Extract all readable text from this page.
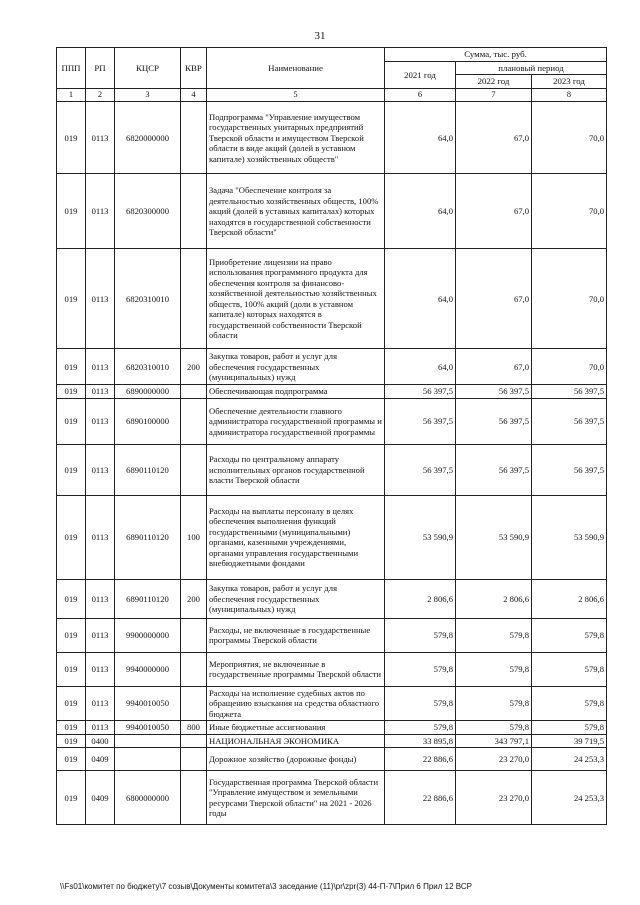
31
ППП	РП	КЦСР	КВР	Наименование	Сумма, тыс. руб.		
					2021 год	плановый период	
						2022 год	2023 год
1	2	3	4	5	6	7	8
019	0113	6820000000		Подпрограмма "Управление имуществом государственных унитарных предприятий Тверской области и имуществом Тверской области в виде акций (долей в уставном капитале) хозяйственных обществ"	64,0	67,0	70,0
019	0113	6820300000		Задача "Обеспечение контроля за деятельностью хозяйственных обществ, 100% акций (долей в уставных капиталах) которых находятся в государственной собственности Тверской области"	64,0	67,0	70,0
019	0113	6820310010		Приобретение лицензии на право использования программного продукта для обеспечения контроля за финансово-хозяйственной деятельностью хозяйственных обществ, 100% акций (доли в уставном капитале) которых находятся в государственной собственности Тверской области	64,0	67,0	70,0
019	0113	6820310010	200	Закупка товаров, работ и услуг для обеспечения государственных (муниципальных) нужд	64,0	67,0	70,0
019	0113	6890000000		Обеспечивающая подпрограмма	56 397,5	56 397,5	56 397,5
019	0113	6890100000		Обеспечение деятельности главного администратора государственной программы и администратора государственной программы	56 397,5	56 397,5	56 397,5
019	0113	6890110120		Расходы по центральному аппарату исполнительных органов государственной власти Тверской области	56 397,5	56 397,5	56 397,5
019	0113	6890110120	100	Расходы на выплаты персоналу в целях обеспечения выполнения функций государственными (муниципальными) органами, казенными учреждениями, органами управления государственными внебюджетными фондами	53 590,9	53 590,9	53 590,9
019	0113	6890110120	200	Закупка товаров, работ и услуг для обеспечения государственных (муниципальных) нужд	2 806,6	2 806,6	2 806,6
019	0113	9900000000		Расходы, не включенные в государственные программы Тверской области	579,8	579,8	579,8
019	0113	9940000000		Мероприятия, не включенные в государственные программы Тверской области	579,8	579,8	579,8
019	0113	9940010050		Расходы на исполнение судебных актов по обращению взыскания на средства областного бюджета	579,8	579,8	579,8
019	0113	9940010050	800	Иные бюджетные ассигнования	579,8	579,8	579,8
019	0400			НАЦИОНАЛЬНАЯ ЭКОНОМИКА	33 895,8	343 797,1	39 719,5
019	0409			Дорожное хозяйство (дорожные фонды)	22 886,6	23 270,0	24 253,3
019	0409	6800000000		Государственная программа Тверской области "Управление имуществом и земельными ресурсами Тверской области" на 2021 - 2026 годы	22 886,6	23 270,0	24 253,3
\\Fs01\комитет по бюджету\7 созыв\Документы комитета\3 заседание (11)\pr\zpr(3) 44-П-7\Прил 6 Прил 12 ВСР
